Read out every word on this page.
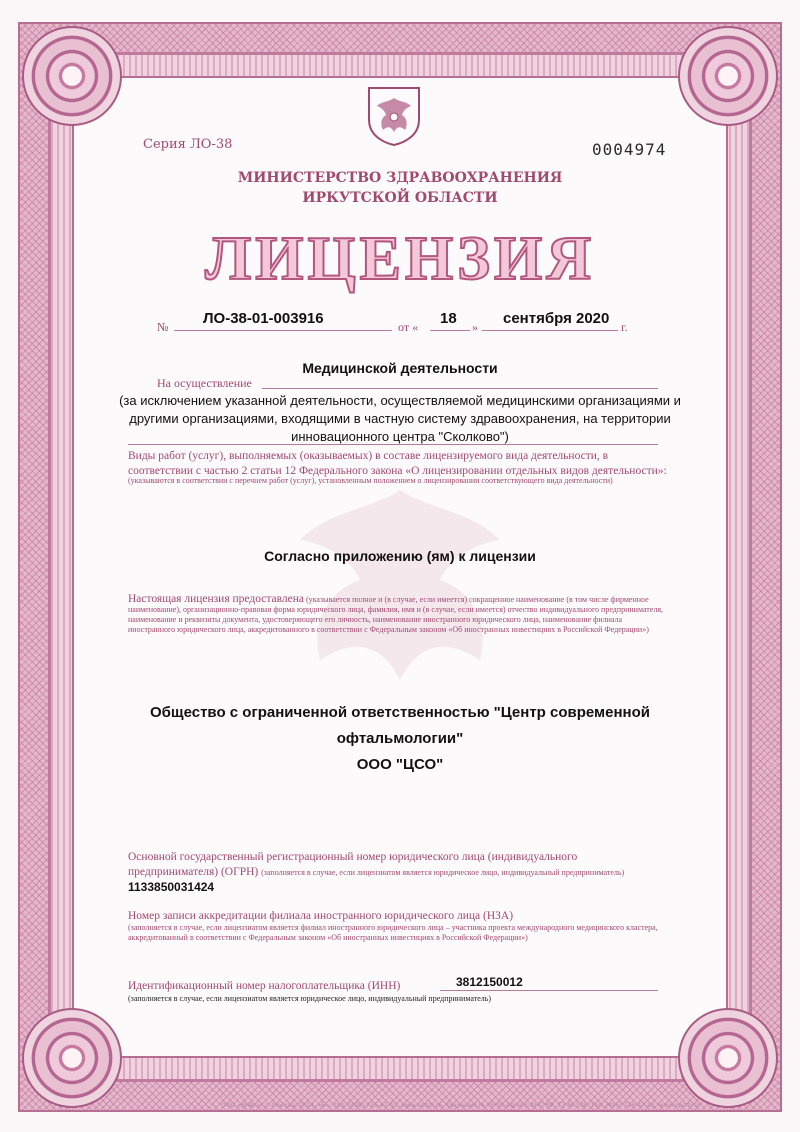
Серия ЛО-38	0004974
МИНИСТЕРСТВО ЗДРАВООХРАНЕНИЯ
ИРКУТСКОЙ ОБЛАСТИ
ЛИЦЕНЗИЯ
№ ЛО-38-01-003916	от « 18 » сентября 2020 г.
Медицинской деятельности
На осуществление
(за исключением указанной деятельности, осуществляемой медицинскими организациями и другими организациями, входящими в частную систему здравоохранения, на территории инновационного центра "Сколково")
Виды работ (услуг), выполняемых (оказываемых) в составе лицензируемого вида деятельности, в соответствии с частью 2 статьи 12 Федерального закона «О лицензировании отдельных видов деятельности»:
(указываются в соответствии с перечнем работ (услуг), установленным положением о лицензировании соответствующего вида деятельности)
Согласно приложению (ям) к лицензии
Настоящая лицензия предоставлена (указывается полное и (в случае, если имеется) сокращенное наименование (в том числе фирменное наименование), организационно-правовая форма юридического лица, фамилия, имя и (в случае, если имеется) отчество индивидуального предпринимателя, наименование и реквизиты документа, удостоверяющего его личность, наименование иностранного юридического лица, наименование филиала иностранного юридического лица, аккредитованного в соответствии с Федеральным законом «Об иностранных инвестициях в Российской Федерации»)
Общество с ограниченной ответственностью "Центр современной
офтальмологии"
ООО "ЦСО"
Основной государственный регистрационный номер юридического лица (индивидуального предпринимателя) (ОГРН) (заполняется в случае, если лицензиатом является юридическое лицо, индивидуальный предприниматель)
1133850031424
Номер записи аккредитации филиала иностранного юридического лица (НЗА)
(заполняется в случае, если лицензиатом является филиал иностранного юридического лица – участника проекта международного медицинского кластера, аккредитованный в соответствии с Федеральным законом «Об иностранных инвестициях в Российской Федерации»)
Идентификационный номер налогоплательщика (ИНН)	3812150012
(заполняется в случае, если лицензиатом является юридическое лицо, индивидуальный предприниматель)
ООО «ЗНАК», г. Москва, 2014, «Б», тел. (495) 726-47-42, www.opcrb.ru. Лицензия № 05-05-09/003 ФНС РФ. ТЗ № 136. Тел. (495) 726-47-42, www.opcrb.ru
